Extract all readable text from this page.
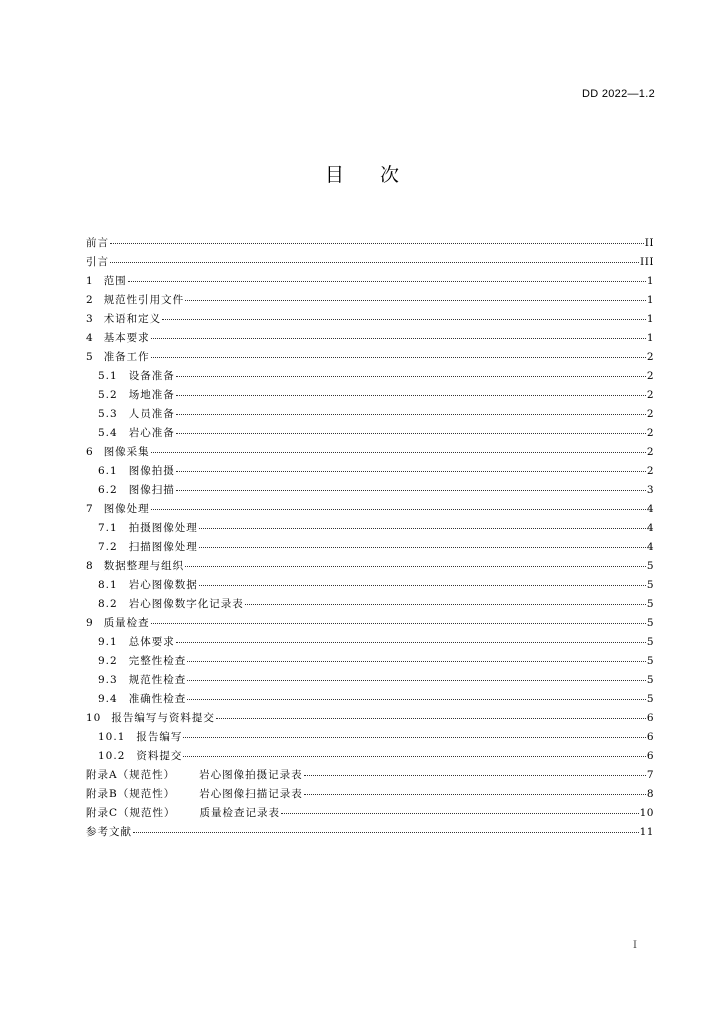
DD 2022—1.2
目次
前言	II
引言	III
1 范围	1
2 规范性引用文件	1
3 术语和定义	1
4 基本要求	1
5 准备工作	2
5.1 设备准备	2
5.2 场地准备	2
5.3 人员准备	2
5.4 岩心准备	2
6 图像采集	2
6.1 图像拍摄	2
6.2 图像扫描	3
7 图像处理	4
7.1 拍摄图像处理	4
7.2 扫描图像处理	4
8 数据整理与组织	5
8.1 岩心图像数据	5
8.2 岩心图像数字化记录表	5
9 质量检查	5
9.1 总体要求	5
9.2 完整性检查	5
9.3 规范性检查	5
9.4 准确性检查	5
10 报告编写与资料提交	6
10.1 报告编写	6
10.2 资料提交	6
附录A（规范性） 岩心图像拍摄记录表	7
附录B（规范性） 岩心图像扫描记录表	8
附录C（规范性） 质量检查记录表	10
参考文献	11
I
